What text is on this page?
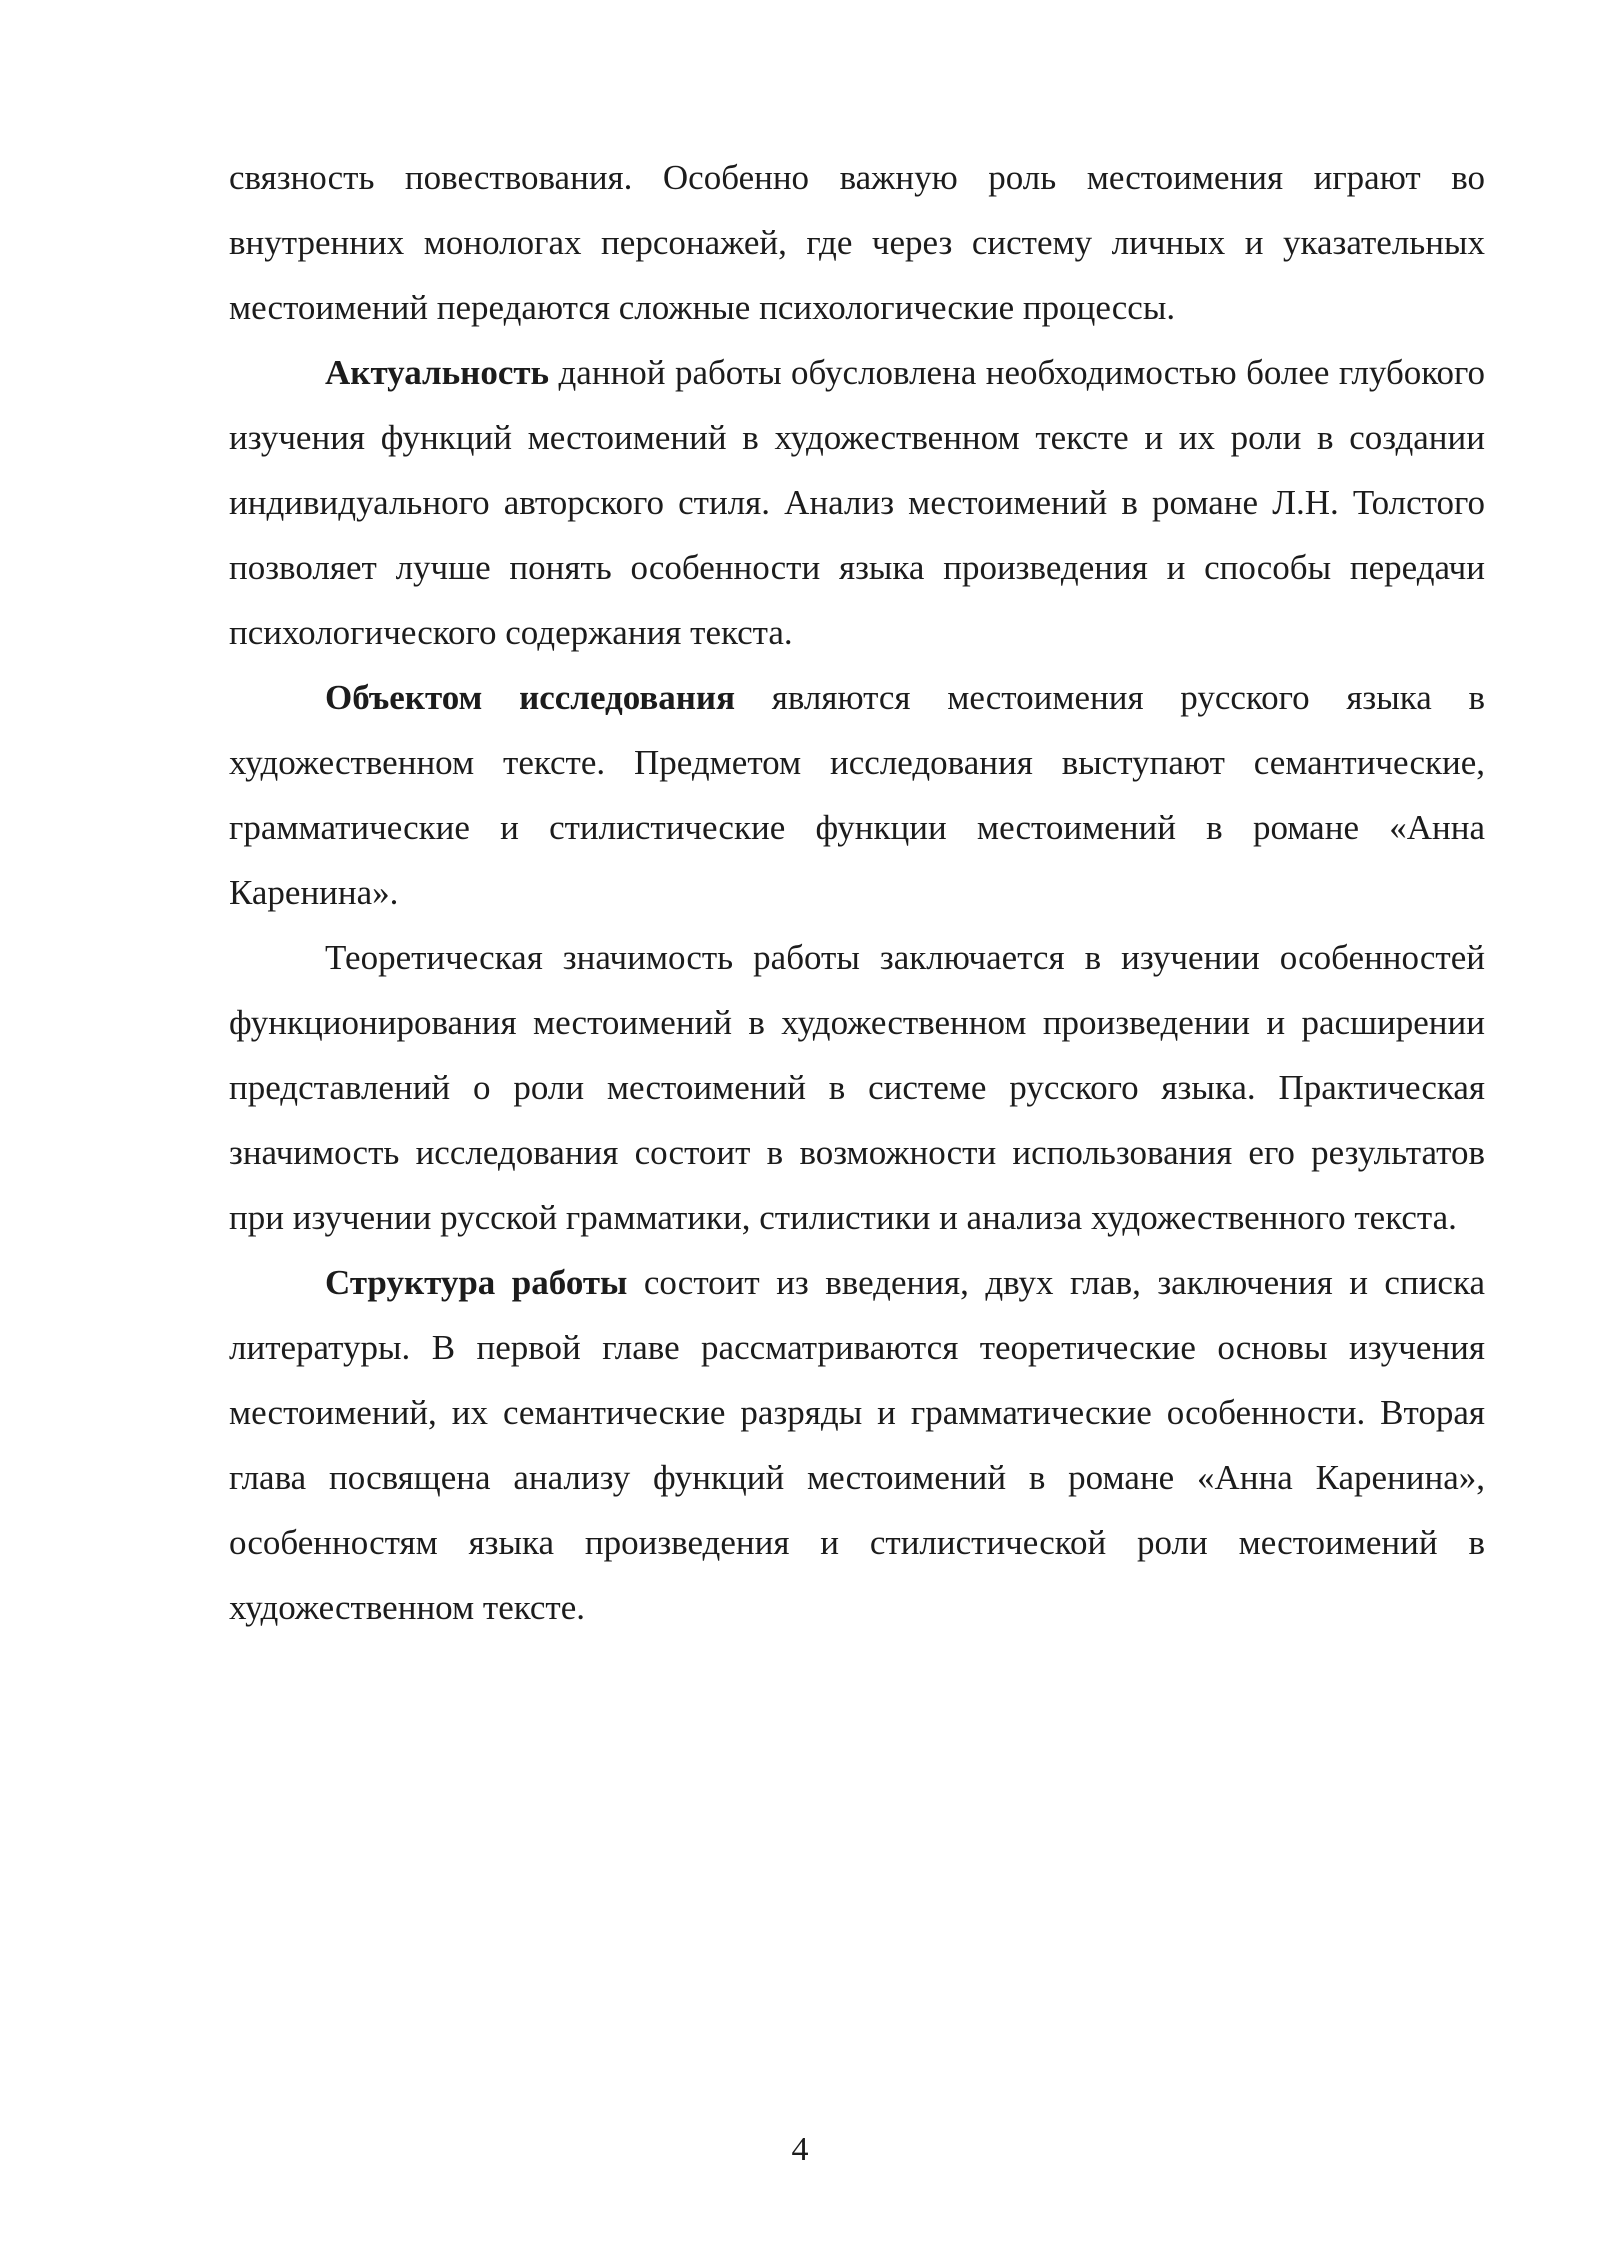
связность повествования. Особенно важную роль местоимения играют во внутренних монологах персонажей, где через систему личных и указательных местоимений передаются сложные психологические процессы.

Актуальность данной работы обусловлена необходимостью более глубокого изучения функций местоимений в художественном тексте и их роли в создании индивидуального авторского стиля. Анализ местоимений в романе Л.Н. Толстого позволяет лучше понять особенности языка произведения и способы передачи психологического содержания текста.

Объектом исследования являются местоимения русского языка в художественном тексте. Предметом исследования выступают семантические, грамматические и стилистические функции местоимений в романе «Анна Каренина».

Теоретическая значимость работы заключается в изучении особенностей функционирования местоимений в художественном произведении и расширении представлений о роли местоимений в системе русского языка. Практическая значимость исследования состоит в возможности использования его результатов при изучении русской грамматики, стилистики и анализа художественного текста.

Структура работы состоит из введения, двух глав, заключения и списка литературы. В первой главе рассматриваются теоретические основы изучения местоимений, их семантические разряды и грамматические особенности. Вторая глава посвящена анализу функций местоимений в романе «Анна Каренина», особенностям языка произведения и стилистической роли местоимений в художественном тексте.

4
